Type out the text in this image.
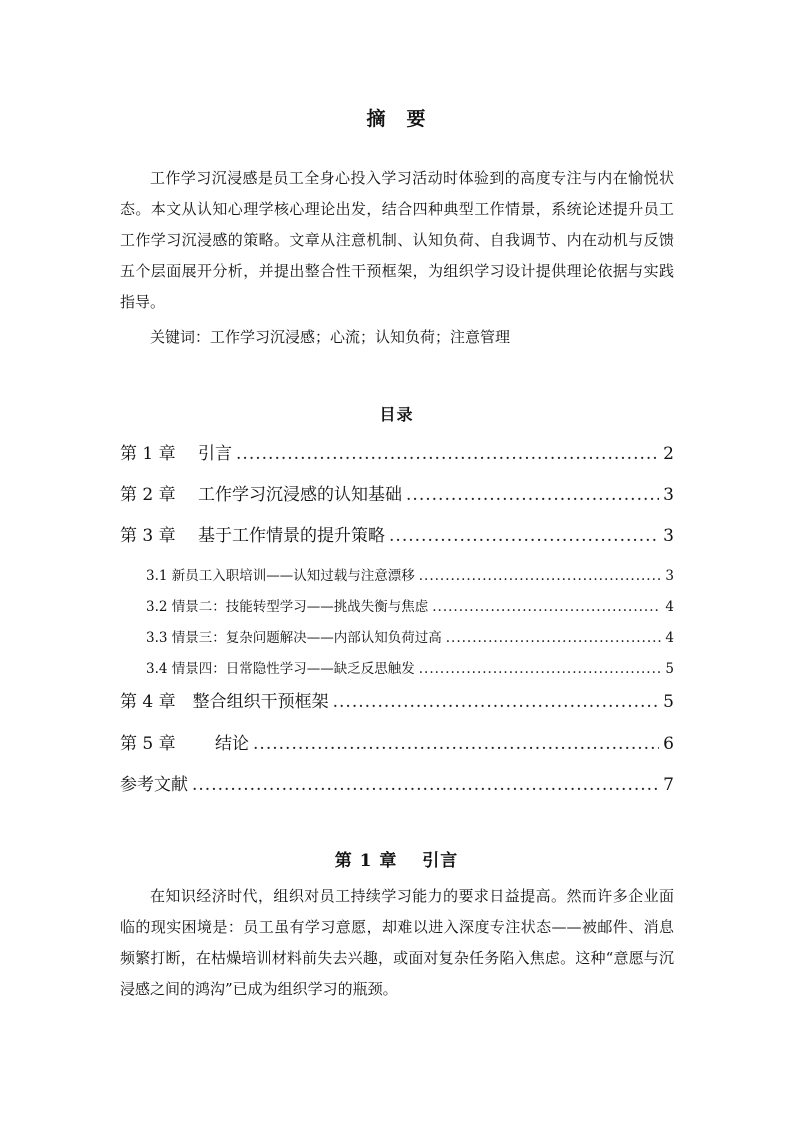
摘　要
工作学习沉浸感是员工全身心投入学习活动时体验到的高度专注与内在愉悦状态。本文从认知心理学核心理论出发，结合四种典型工作情景，系统论述提升员工工作学习沉浸感的策略。文章从注意机制、认知负荷、自我调节、内在动机与反馈五个层面展开分析，并提出整合性干预框架，为组织学习设计提供理论依据与实践指导。
关键词：工作学习沉浸感；心流；认知负荷；注意管理
目录
第 1 章　 引言 .....	2
第 2 章　 工作学习沉浸感的认知基础 .....	3
第 3 章　 基于工作情景的提升策略 .....	3
3.1 新员工入职培训——认知过载与注意漂移 .....	3
3.2 情景二：技能转型学习——挑战失衡与焦虑 .....	4
3.3 情景三：复杂问题解决——内部认知负荷过高 .....	4
3.4 情景四：日常隐性学习——缺乏反思触发 .....	5
第 4 章　整合组织干预框架 .....	5
第 5 章　　 结论 .....	6
参考文献 .....	7
第 1 章　 引言
在知识经济时代，组织对员工持续学习能力的要求日益提高。然而许多企业面临的现实困境是：员工虽有学习意愿，却难以进入深度专注状态——被邮件、消息频繁打断，在枯燥培训材料前失去兴趣，或面对复杂任务陷入焦虑。这种“意愿与沉浸感之间的鸿沟”已成为组织学习的瓶颈。
